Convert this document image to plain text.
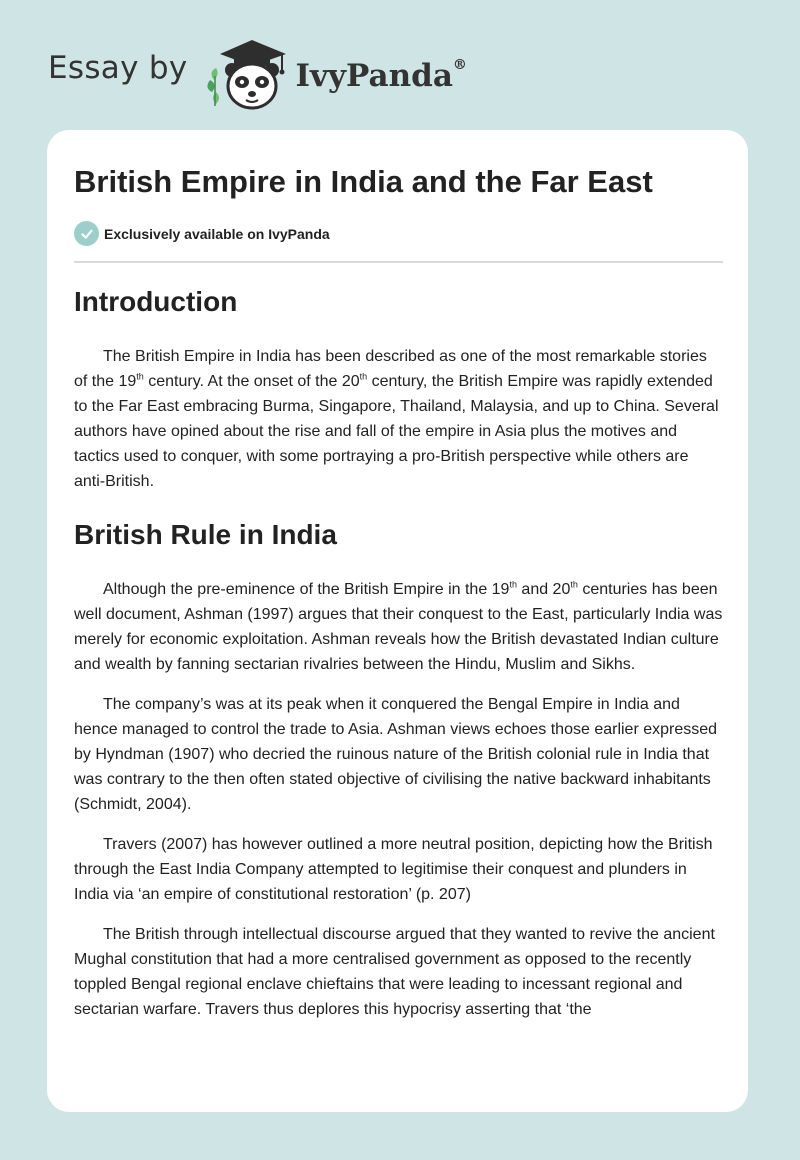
Essay by	IvyPanda®
British Empire in India and the Far East
Exclusively available on IvyPanda
Introduction

The British Empire in India has been described as one of the most remarkable stories of the 19th century. At the onset of the 20th century, the British Empire was rapidly extended to the Far East embracing Burma, Singapore, Thailand, Malaysia, and up to China. Several authors have opined about the rise and fall of the empire in Asia plus the motives and tactics used to conquer, with some portraying a pro-British perspective while others are anti-British.

British Rule in India

Although the pre-eminence of the British Empire in the 19th and 20th centuries has been well document, Ashman (1997) argues that their conquest to the East, particularly India was merely for economic exploitation. Ashman reveals how the British devastated Indian culture and wealth by fanning sectarian rivalries between the Hindu, Muslim and Sikhs.

The company’s was at its peak when it conquered the Bengal Empire in India and hence managed to control the trade to Asia. Ashman views echoes those earlier expressed by Hyndman (1907) who decried the ruinous nature of the British colonial rule in India that was contrary to the then often stated objective of civilising the native backward inhabitants (Schmidt, 2004).

Travers (2007) has however outlined a more neutral position, depicting how the British through the East India Company attempted to legitimise their conquest and plunders in India via ‘an empire of constitutional restoration’ (p. 207)

The British through intellectual discourse argued that they wanted to revive the ancient Mughal constitution that had a more centralised government as opposed to the recently toppled Bengal regional enclave chieftains that were leading to incessant regional and sectarian warfare. Travers thus deplores this hypocrisy asserting that ‘the
